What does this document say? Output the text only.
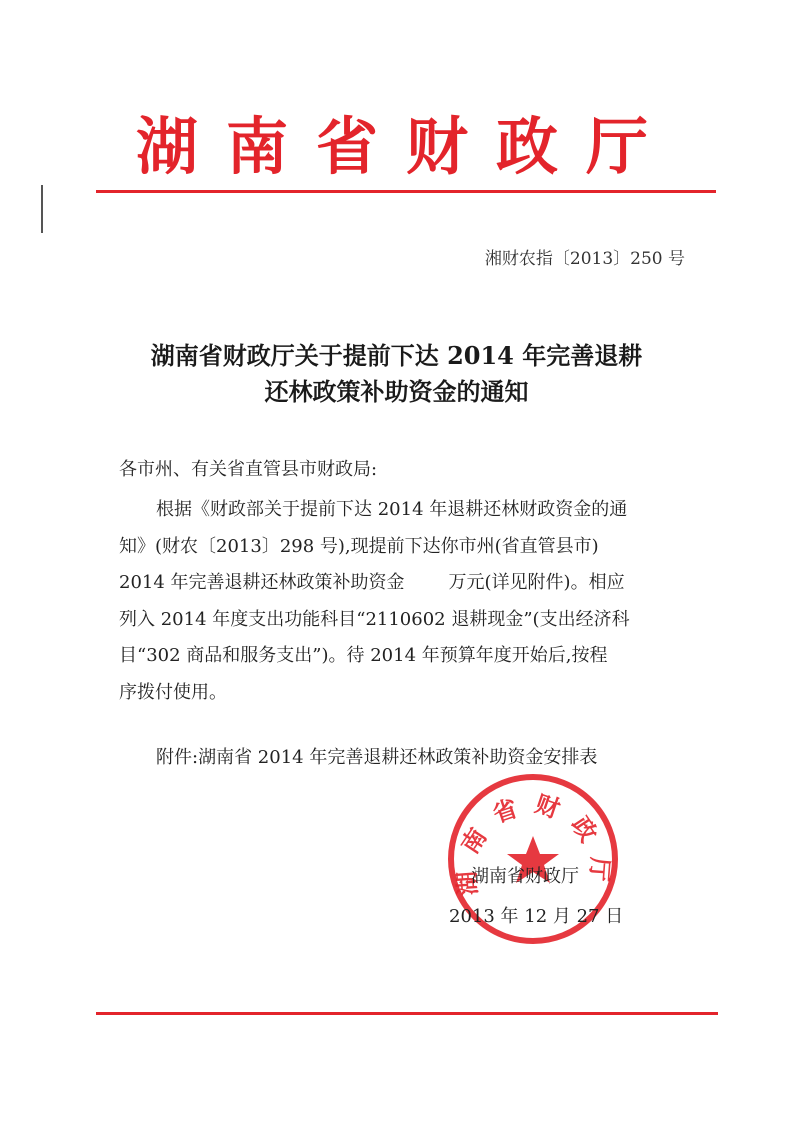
湖南省财政厅
湘财农指〔2013〕250 号
湖南省财政厅关于提前下达 2014 年完善退耕
还林政策补助资金的通知
各市州、有关省直管县市财政局:
根据《财政部关于提前下达 2014 年退耕还林财政资金的通
知》(财农〔2013〕298 号),现提前下达你市州(省直管县市)
2014 年完善退耕还林政策补助资金 万元(详见附件)。相应
列入 2014 年度支出功能科目“2110602 退耕现金”(支出经济科
目“302 商品和服务支出”)。待 2014 年预算年度开始后,按程
序拨付使用。
附件:湖南省 2014 年完善退耕还林政策补助资金安排表
湖南省财政厅
湖南省财政厅
2013 年 12 月 27 日
